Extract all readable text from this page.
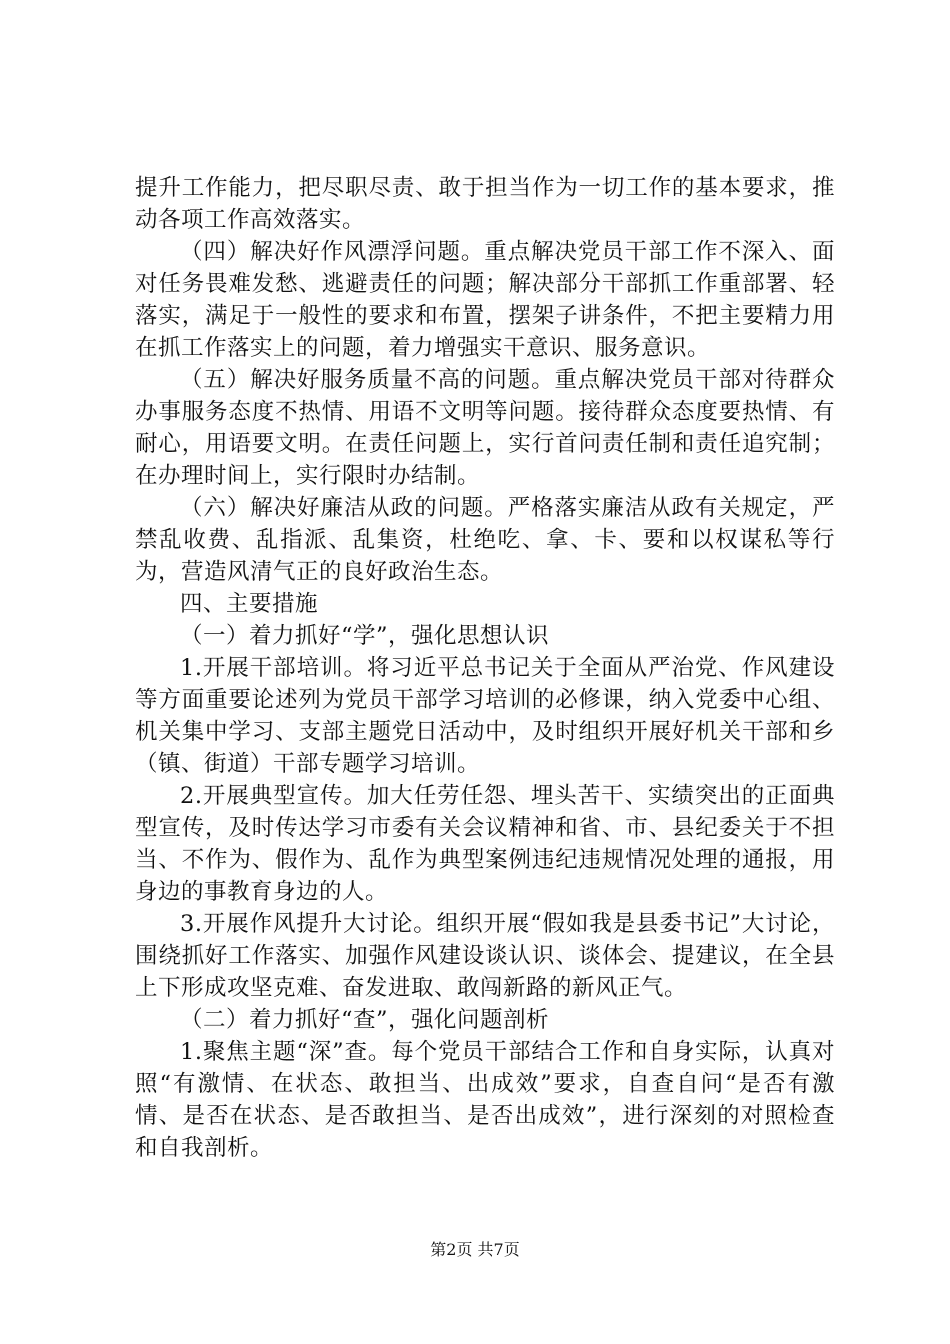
提升工作能力，把尽职尽责、敢于担当作为一切工作的基本要求，推动各项工作高效落实。

（四）解决好作风漂浮问题。重点解决党员干部工作不深入、面对任务畏难发愁、逃避责任的问题；解决部分干部抓工作重部署、轻落实，满足于一般性的要求和布置，摆架子讲条件，不把主要精力用在抓工作落实上的问题，着力增强实干意识、服务意识。

（五）解决好服务质量不高的问题。重点解决党员干部对待群众办事服务态度不热情、用语不文明等问题。接待群众态度要热情、有耐心，用语要文明。在责任问题上，实行首问责任制和责任追究制；在办理时间上，实行限时办结制。

（六）解决好廉洁从政的问题。严格落实廉洁从政有关规定，严禁乱收费、乱指派、乱集资，杜绝吃、拿、卡、要和以权谋私等行为，营造风清气正的良好政治生态。

四、主要措施

（一）着力抓好“学”，强化思想认识

1.开展干部培训。将习近平总书记关于全面从严治党、作风建设等方面重要论述列为党员干部学习培训的必修课，纳入党委中心组、机关集中学习、支部主题党日活动中，及时组织开展好机关干部和乡（镇、街道）干部专题学习培训。

2.开展典型宣传。加大任劳任怨、埋头苦干、实绩突出的正面典型宣传，及时传达学习市委有关会议精神和省、市、县纪委关于不担当、不作为、假作为、乱作为典型案例违纪违规情况处理的通报，用身边的事教育身边的人。

3.开展作风提升大讨论。组织开展“假如我是县委书记”大讨论，围绕抓好工作落实、加强作风建设谈认识、谈体会、提建议，在全县上下形成攻坚克难、奋发进取、敢闯新路的新风正气。

（二）着力抓好“查”，强化问题剖析

1.聚焦主题“深”查。每个党员干部结合工作和自身实际，认真对照“有激情、在状态、敢担当、出成效”要求，自查自问“是否有激情、是否在状态、是否敢担当、是否出成效”，进行深刻的对照检查和自我剖析。

第2页 共7页
